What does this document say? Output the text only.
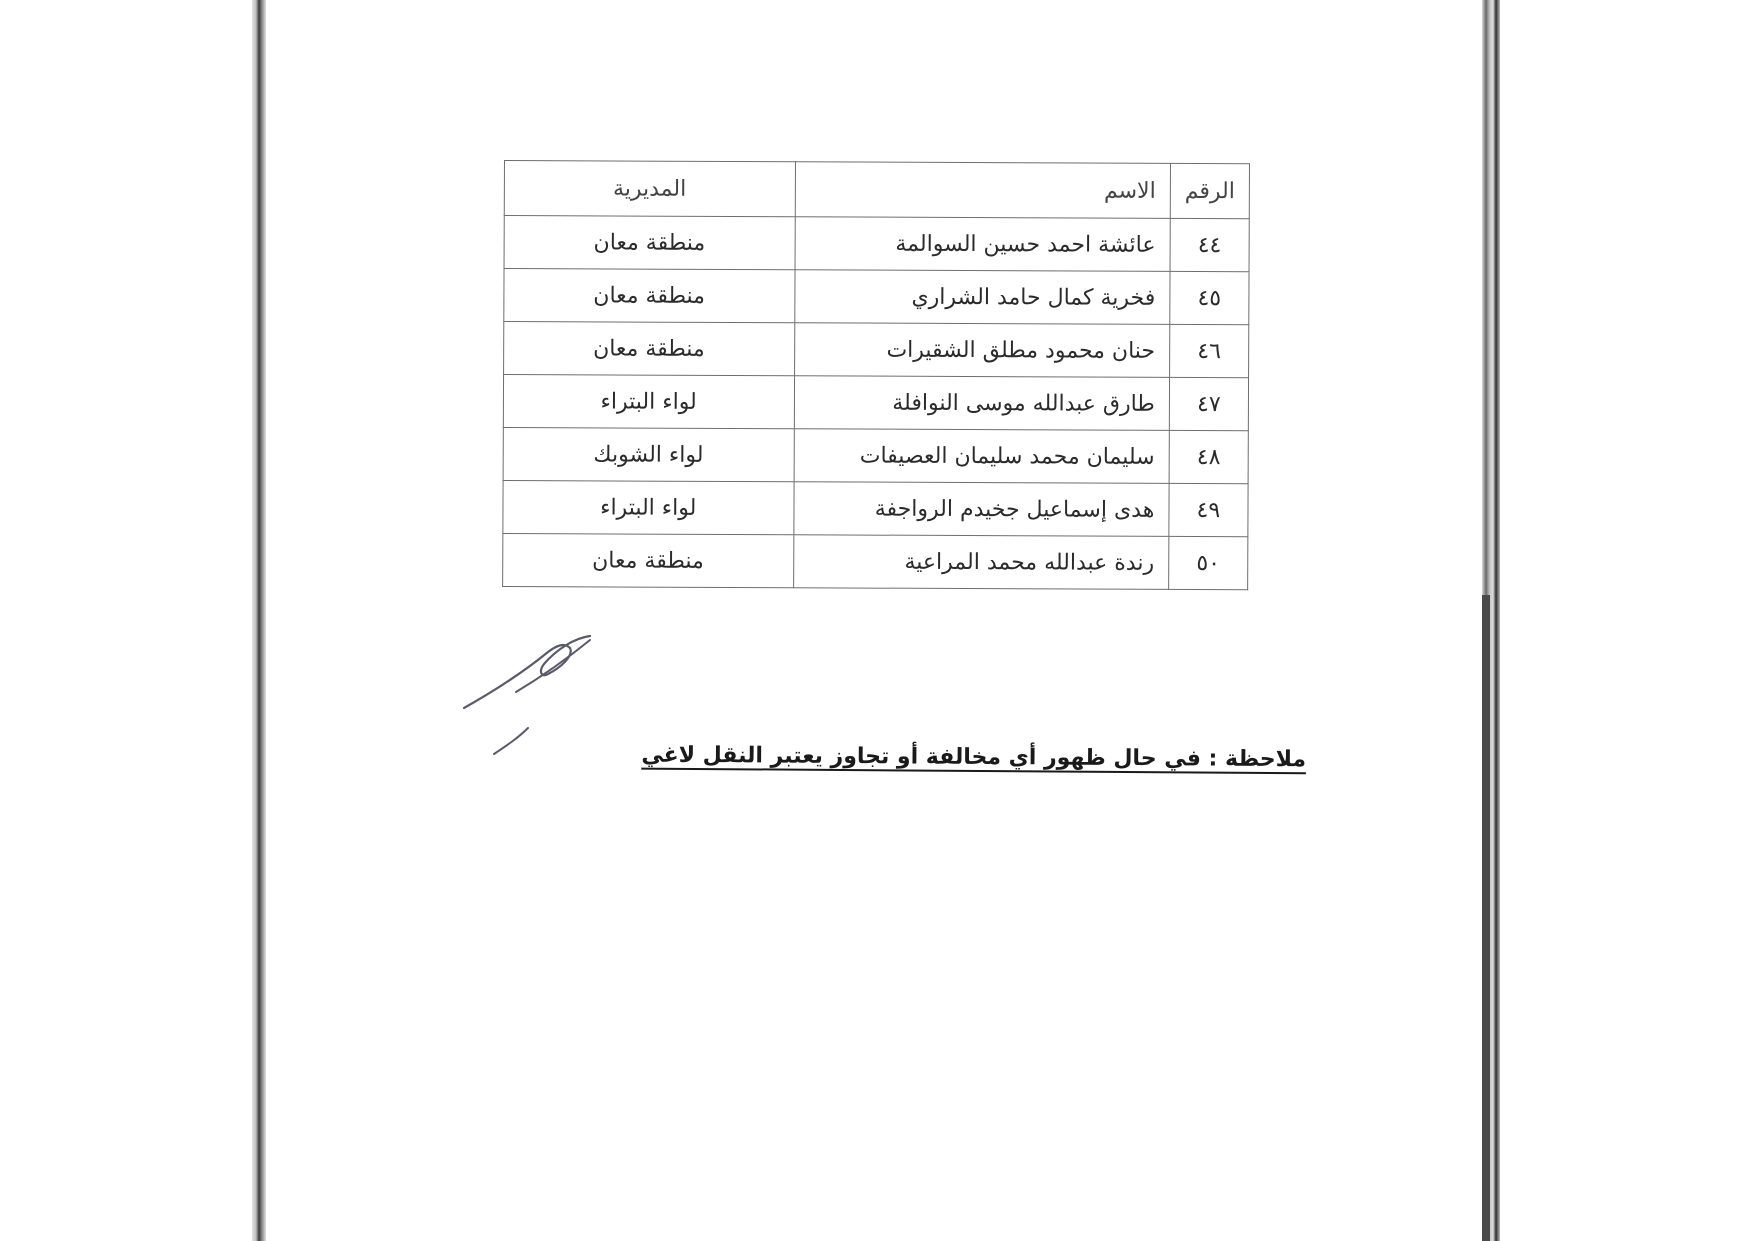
الرقم	الاسم	المديرية
٤٤	عائشة احمد حسين السوالمة	منطقة معان
٤٥	فخرية كمال حامد الشراري	منطقة معان
٤٦	حنان محمود مطلق الشقيرات	منطقة معان
٤٧	طارق عبدالله موسى النوافلة	لواء البتراء
٤٨	سليمان محمد سليمان العصيفات	لواء الشوبك
٤٩	هدى إسماعيل جخيدم الرواجفة	لواء البتراء
٥٠	رندة عبدالله محمد المراعية	منطقة معان
ملاحظة : في حال ظهور أي مخالفة أو تجاوز يعتبر النقل لاغي
